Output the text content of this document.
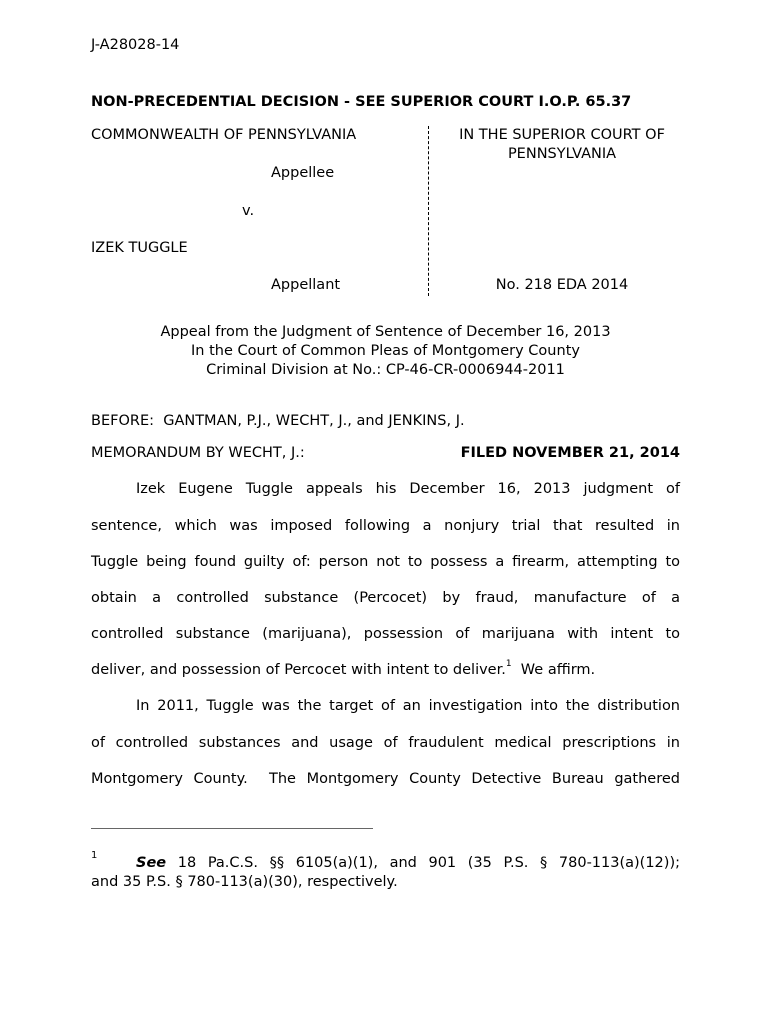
J-A28028-14
NON-PRECEDENTIAL DECISION - SEE SUPERIOR COURT I.O.P. 65.37
COMMONWEALTH OF PENNSYLVANIA
Appellee
v.
IZEK TUGGLE
Appellant
IN THE SUPERIOR COURT OF
PENNSYLVANIA
No. 218 EDA 2014
Appeal from the Judgment of Sentence of December 16, 2013
In the Court of Common Pleas of Montgomery County
Criminal Division at No.: CP-46-CR-0006944-2011
BEFORE:  GANTMAN, P.J., WECHT, J., and JENKINS, J.
MEMORANDUM BY WECHT, J.:	FILED NOVEMBER 21, 2014
Izek Eugene Tuggle appeals his December 16, 2013 judgment of
sentence, which was imposed following a nonjury trial that resulted in
Tuggle being found guilty of: person not to possess a firearm, attempting to
obtain a controlled substance (Percocet) by fraud, manufacture of a
controlled substance (marijuana), possession of marijuana with intent to
deliver, and possession of Percocet with intent to deliver.$^1$  We affirm.
In 2011, Tuggle was the target of an investigation into the distribution
of controlled substances and usage of fraudulent medical prescriptions in
Montgomery County.  The Montgomery County Detective Bureau gathered
1	See 18 Pa.C.S. §§ 6105(a)(1), and 901 (35 P.S. § 780-113(a)(12));
and 35 P.S. § 780-113(a)(30), respectively.
